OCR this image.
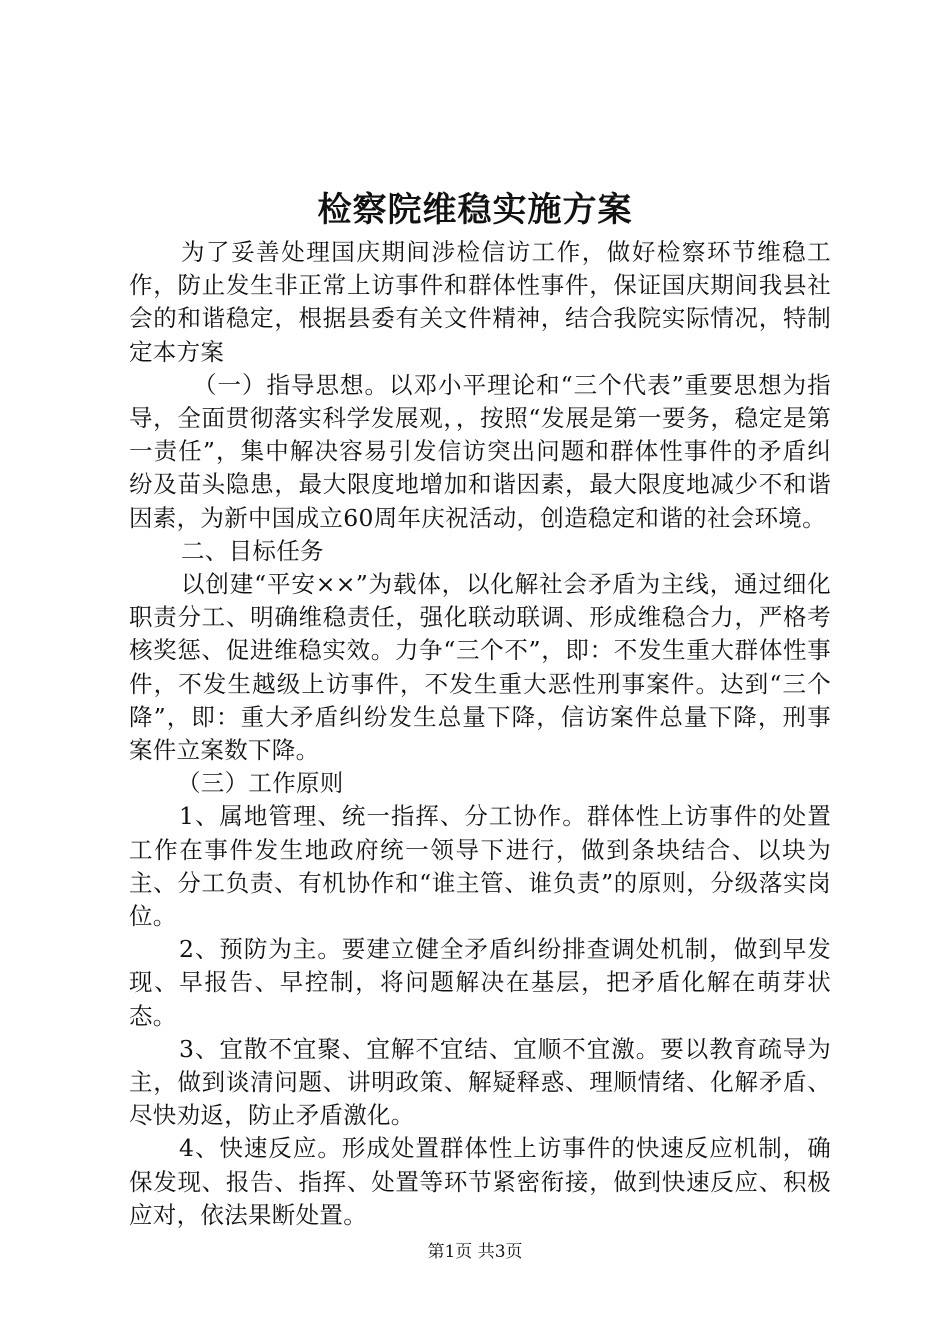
检察院维稳实施方案

为了妥善处理国庆期间涉检信访工作，做好检察环节维稳工作，防止发生非正常上访事件和群体性事件，保证国庆期间我县社会的和谐稳定，根据县委有关文件精神，结合我院实际情况，特制定本方案

（一）指导思想。以邓小平理论和“三个代表”重要思想为指导，全面贯彻落实科学发展观，，按照“发展是第一要务，稳定是第一责任”，集中解决容易引发信访突出问题和群体性事件的矛盾纠纷及苗头隐患，最大限度地增加和谐因素，最大限度地减少不和谐因素，为新中国成立60周年庆祝活动，创造稳定和谐的社会环境。

二、目标任务

以创建“平安××”为载体，以化解社会矛盾为主线，通过细化职责分工、明确维稳责任，强化联动联调、形成维稳合力，严格考核奖惩、促进维稳实效。力争“三个不”，即：不发生重大群体性事件，不发生越级上访事件，不发生重大恶性刑事案件。达到“三个降”，即：重大矛盾纠纷发生总量下降，信访案件总量下降，刑事案件立案数下降。

（三）工作原则

1、属地管理、统一指挥、分工协作。群体性上访事件的处置工作在事件发生地政府统一领导下进行，做到条块结合、以块为主、分工负责、有机协作和“谁主管、谁负责”的原则，分级落实岗位。

2、预防为主。要建立健全矛盾纠纷排查调处机制，做到早发现、早报告、早控制，将问题解决在基层，把矛盾化解在萌芽状态。

3、宜散不宜聚、宜解不宜结、宜顺不宜激。要以教育疏导为主，做到谈清问题、讲明政策、解疑释惑、理顺情绪、化解矛盾、尽快劝返，防止矛盾激化。

4、快速反应。形成处置群体性上访事件的快速反应机制，确保发现、报告、指挥、处置等环节紧密衔接，做到快速反应、积极应对，依法果断处置。

第1页 共3页
